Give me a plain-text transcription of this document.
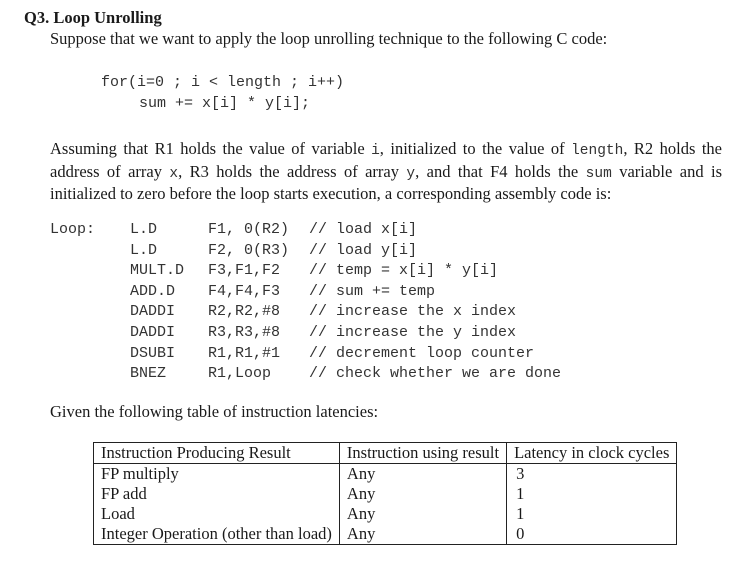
Q3. Loop Unrolling
Suppose that we want to apply the loop unrolling technique to the following C code:
for(i=0 ; i < length ; i++)
sum += x[i] * y[i];
Assuming that R1 holds the value of variable i, initialized to the value of length, R2 holds the address of array x, R3 holds the address of array y, and that F4 holds the sum variable and is initialized to zero before the loop starts execution, a corresponding assembly code is:
Loop: L.D	F1, 0(R2) // load x[i]
L.D	F2, 0(R3) // load y[i]
MULT.D F3,F1,F2 // temp = x[i] * y[i]
ADD.D F4,F4,F3 // sum += temp
DADDI R2,R2,#8 // increase the x index
DADDI R3,R3,#8 // increase the y index
DSUBI R1,R1,#1 // decrement loop counter
BNEZ	R1,Loop	// check whether we are done
Given the following table of instruction latencies:
Instruction Producing Result	Instruction using result	Latency in clock cycles
FP multiply	Any	3
FP add	Any	1
Load	Any	1
Integer Operation (other than load)	Any	0
